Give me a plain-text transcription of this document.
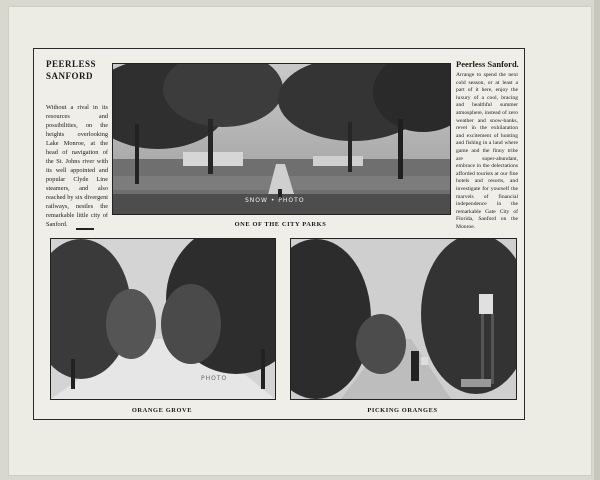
PEERLESS
SANFORD
Without a rival in its resources and possibilities, on the heights overlooking Lake Monroe, at the head of navigation of the St. Johns river with its well appointed and popular Clyde Line steamers, and also reached by six divergent railways, nestles the remarkable little city of Sanford.
Peerless Sanford.
Arrange to spend the next cold season, or at least a part of it here, enjoy the luxury of a cool, bracing and healthful summer atmosphere, instead of zero weather and snow-banks, revel in the exhilaration and excitement of hunting and fishing in a land where game and the finny tribe are super-abundant, embrace in the delectations afforded tourists at our fine hotels and resorts, and investigate for yourself the marvels of financial independence in the remarkable Gate City of Florida, Sanford on the Monroe.
SNOW • PHOTO
ONE OF THE CITY PARKS
PHOTO
ORANGE GROVE	PICKING ORANGES
